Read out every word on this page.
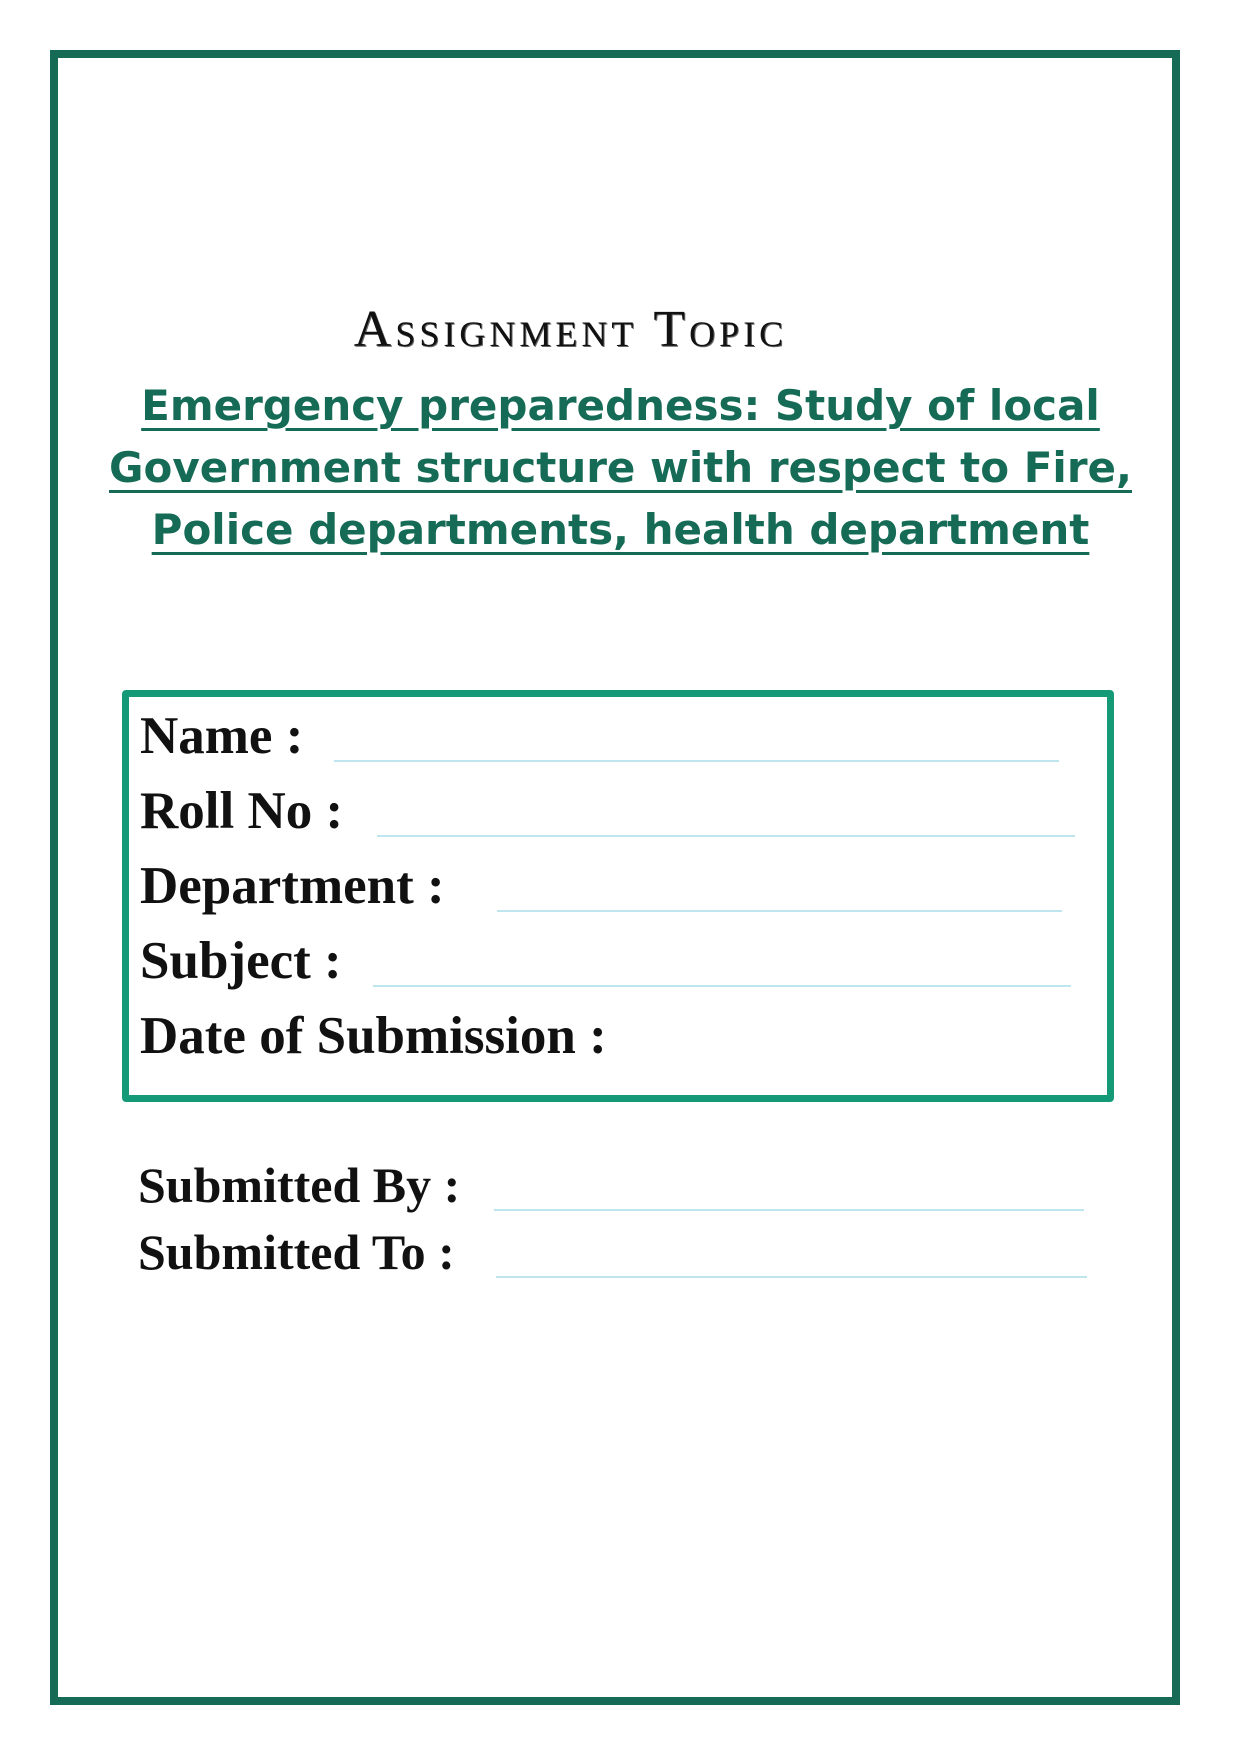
Assignment Topic
Emergency preparedness: Study of local
Government structure with respect to Fire,
Police departments, health department
Name :
Roll No :
Department :
Subject :
Date of Submission :
Submitted By :
Submitted To :
